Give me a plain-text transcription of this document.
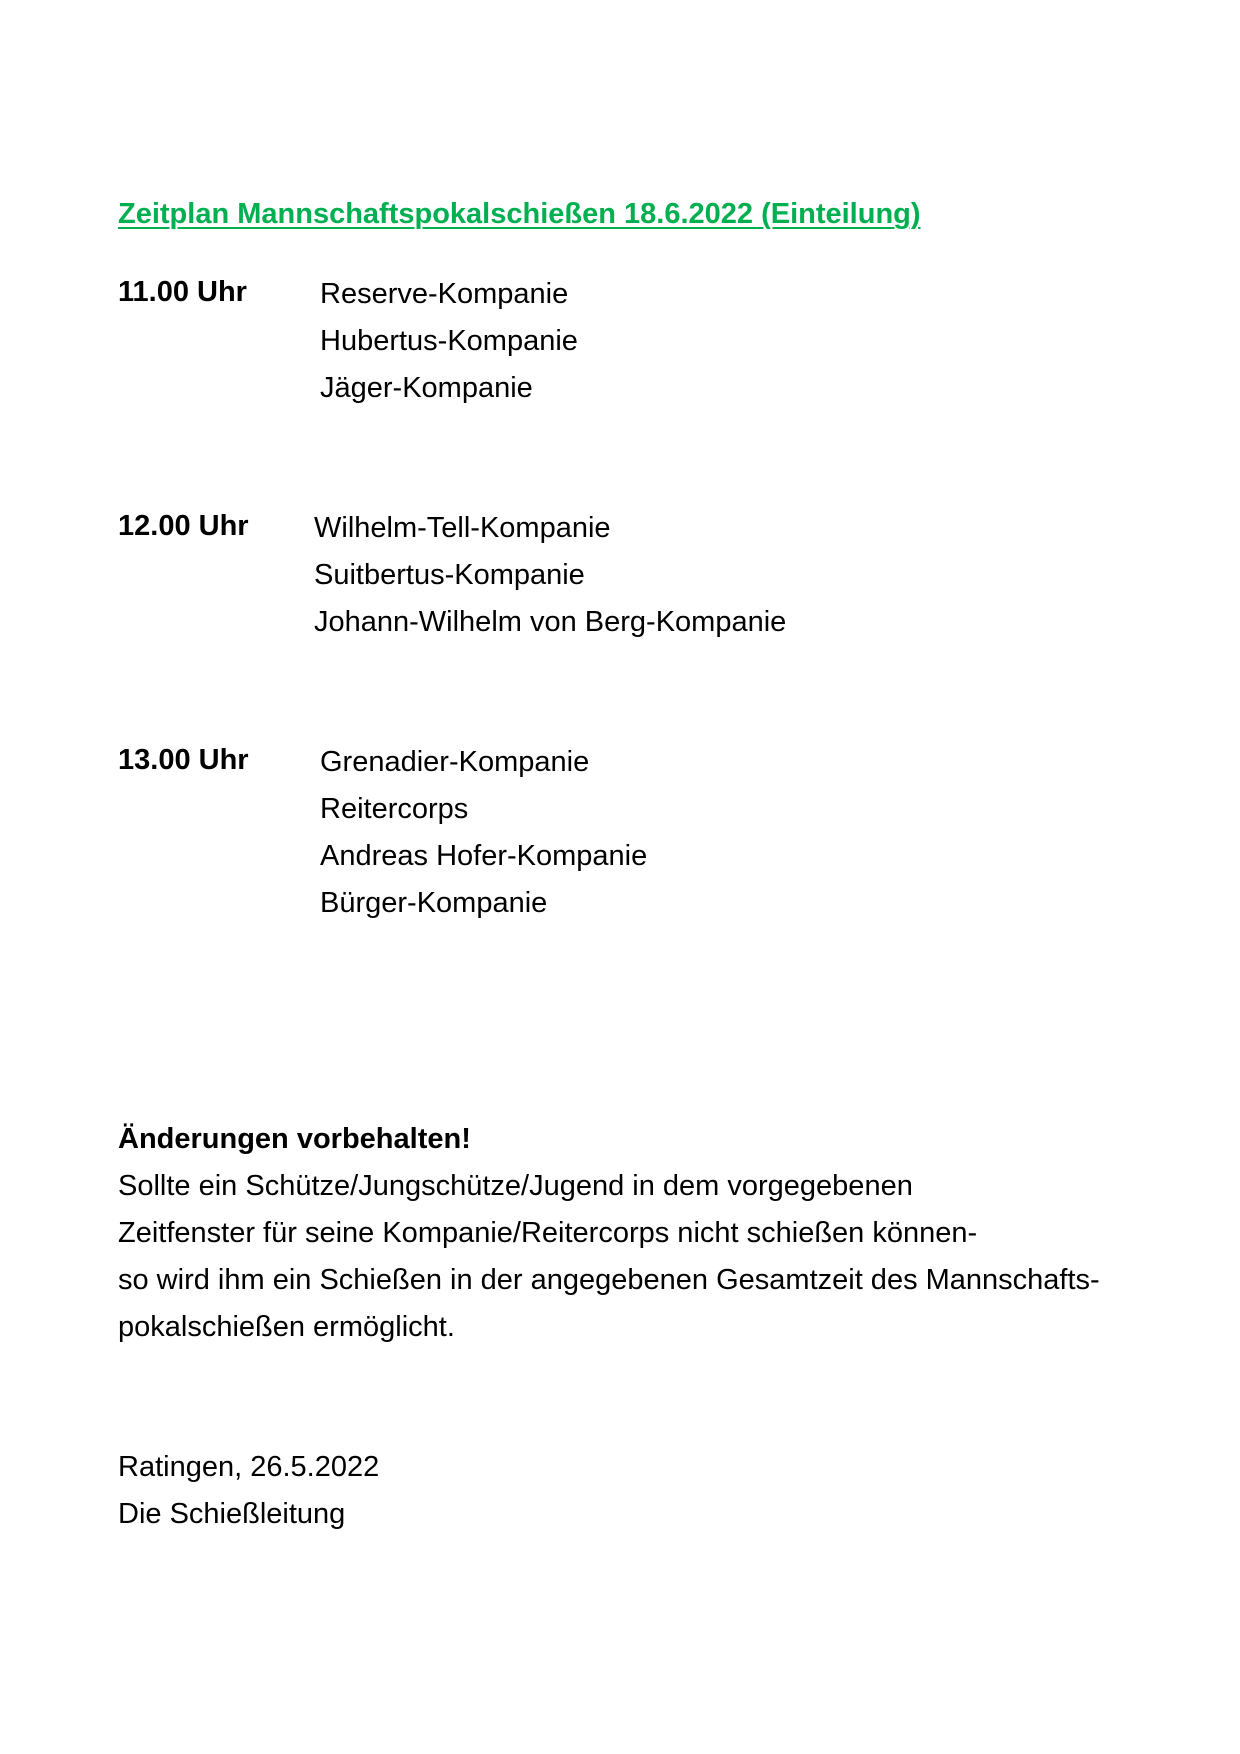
Zeitplan Mannschaftspokalschießen 18.6.2022 (Einteilung)
11.00 Uhr	Reserve-Kompanie
Hubertus-Kompanie
Jäger-Kompanie
12.00 Uhr Wilhelm-Tell-Kompanie
Suitbertus-Kompanie
Johann-Wilhelm von Berg-Kompanie
13.00 Uhr Grenadier-Kompanie
Reitercorps
Andreas Hofer-Kompanie
Bürger-Kompanie
Änderungen vorbehalten!
Sollte ein Schütze/Jungschütze/Jugend in dem vorgegebenen
Zeitfenster für seine Kompanie/Reitercorps nicht schießen können-
so wird ihm ein Schießen in der angegebenen Gesamtzeit des Mannschafts-
pokalschießen ermöglicht.
Ratingen, 26.5.2022
Die Schießleitung
